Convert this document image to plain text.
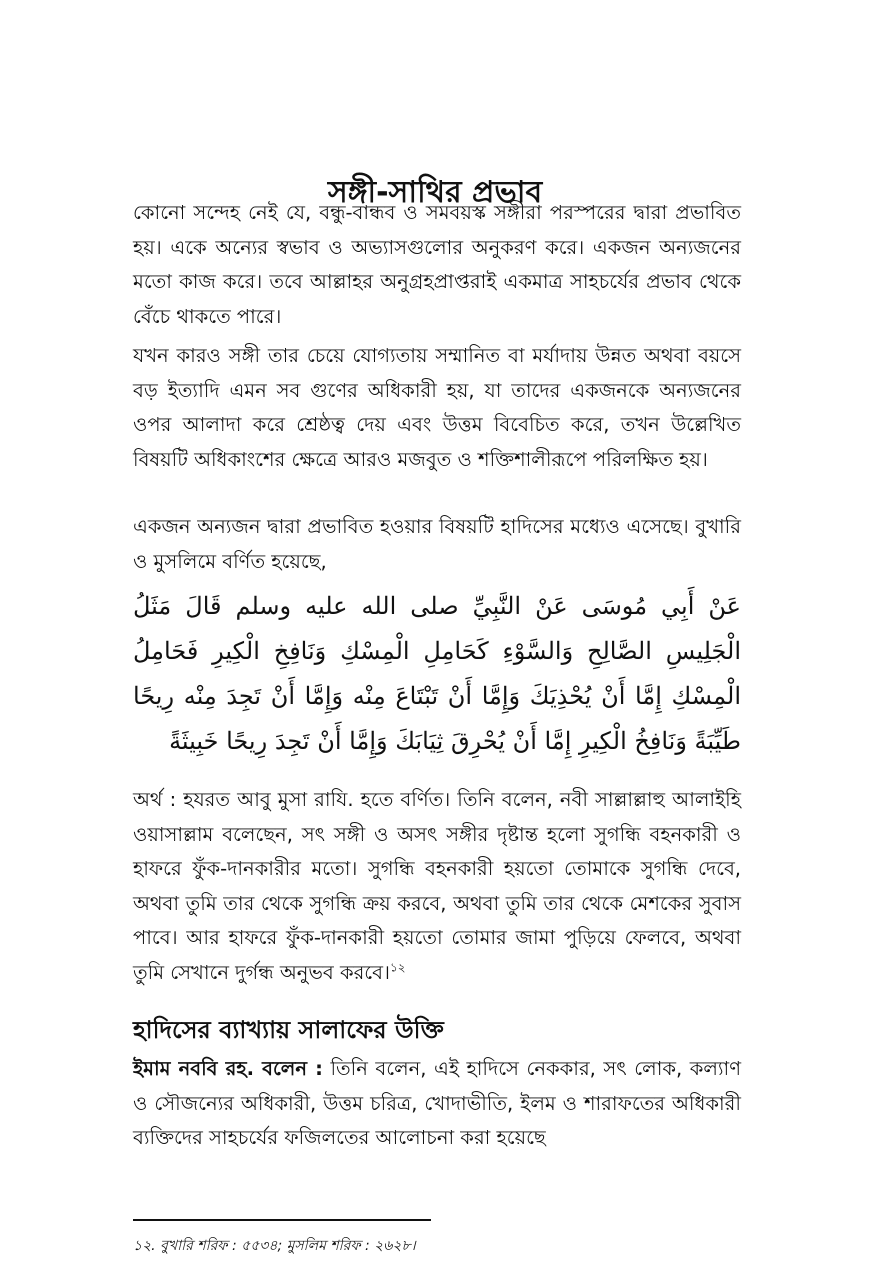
সঙ্গী-সাথির প্রভাব

কোনো সন্দেহ নেই যে, বন্ধু-বান্ধব ও সমবয়স্ক সঙ্গীরা পরস্পরের দ্বারা প্রভাবিত হয়। একে অন্যের স্বভাব ও অভ্যাসগুলোর অনুকরণ করে। একজন অন্যজনের মতো কাজ করে। তবে আল্লাহর অনুগ্রহপ্রাপ্তরাই একমাত্র সাহচর্যের প্রভাব থেকে বেঁচে থাকতে পারে।

যখন কারও সঙ্গী তার চেয়ে যোগ্যতায় সম্মানিত বা মর্যাদায় উন্নত অথবা বয়সে বড় ইত্যাদি এমন সব গুণের অধিকারী হয়, যা তাদের একজনকে অন্যজনের ওপর আলাদা করে শ্রেষ্ঠত্ব দেয় এবং উত্তম বিবেচিত করে, তখন উল্লেখিত বিষয়টি অধিকাংশের ক্ষেত্রে আরও মজবুত ও শক্তিশালীরূপে পরিলক্ষিত হয়।

একজন অন্যজন দ্বারা প্রভাবিত হওয়ার বিষয়টি হাদিসের মধ্যেও এসেছে। বুখারি ও মুসলিমে বর্ণিত হয়েছে,

عَنْ أَبِي مُوسَى عَنْ النَّبِيِّ صلى الله عليه وسلم قَالَ مَثَلُ الْجَلِيسِ الصَّالِحِ وَالسَّوْءِ كَحَامِلِ الْمِسْكِ وَنَافِخِ الْكِيرِ فَحَامِلُ الْمِسْكِ إِمَّا أَنْ يُحْذِيَكَ وَإِمَّا أَنْ تَبْتَاعَ مِنْه وَإِمَّا أَنْ تَجِدَ مِنْه رِيحًا طَيِّبَةً وَنَافِخُ الْكِيرِ إِمَّا أَنْ يُحْرِقَ ثِيَابَكَ وَإِمَّا أَنْ تَجِدَ رِيحًا خَبِيثَةً

অর্থ : হযরত আবু মুসা রাযি. হতে বর্ণিত। তিনি বলেন, নবী সাল্লাল্লাহু আলাইহি ওয়াসাল্লাম বলেছেন, সৎ সঙ্গী ও অসৎ সঙ্গীর দৃষ্টান্ত হলো সুগন্ধি বহনকারী ও হাফরে ফুঁক-দানকারীর মতো। সুগন্ধি বহনকারী হয়তো তোমাকে সুগন্ধি দেবে, অথবা তুমি তার থেকে সুগন্ধি ক্রয় করবে, অথবা তুমি তার থেকে মেশকের সুবাস পাবে। আর হাফরে ফুঁক-দানকারী হয়তো তোমার জামা পুড়িয়ে ফেলবে, অথবা তুমি সেখানে দুর্গন্ধ অনুভব করবে।$^{১২}$

হাদিসের ব্যাখ্যায় সালাফের উক্তি

ইমাম নববি রহ. বলেন : তিনি বলেন, এই হাদিসে নেককার, সৎ লোক, কল্যাণ ও সৌজন্যের অধিকারী, উত্তম চরিত্র, খোদাভীতি, ইলম ও শারাফতের অধিকারী ব্যক্তিদের সাহচর্যের ফজিলতের আলোচনা করা হয়েছে

১২. বুখারি শরিফ : ৫৫৩৪; মুসলিম শরিফ : ২৬২৮।
